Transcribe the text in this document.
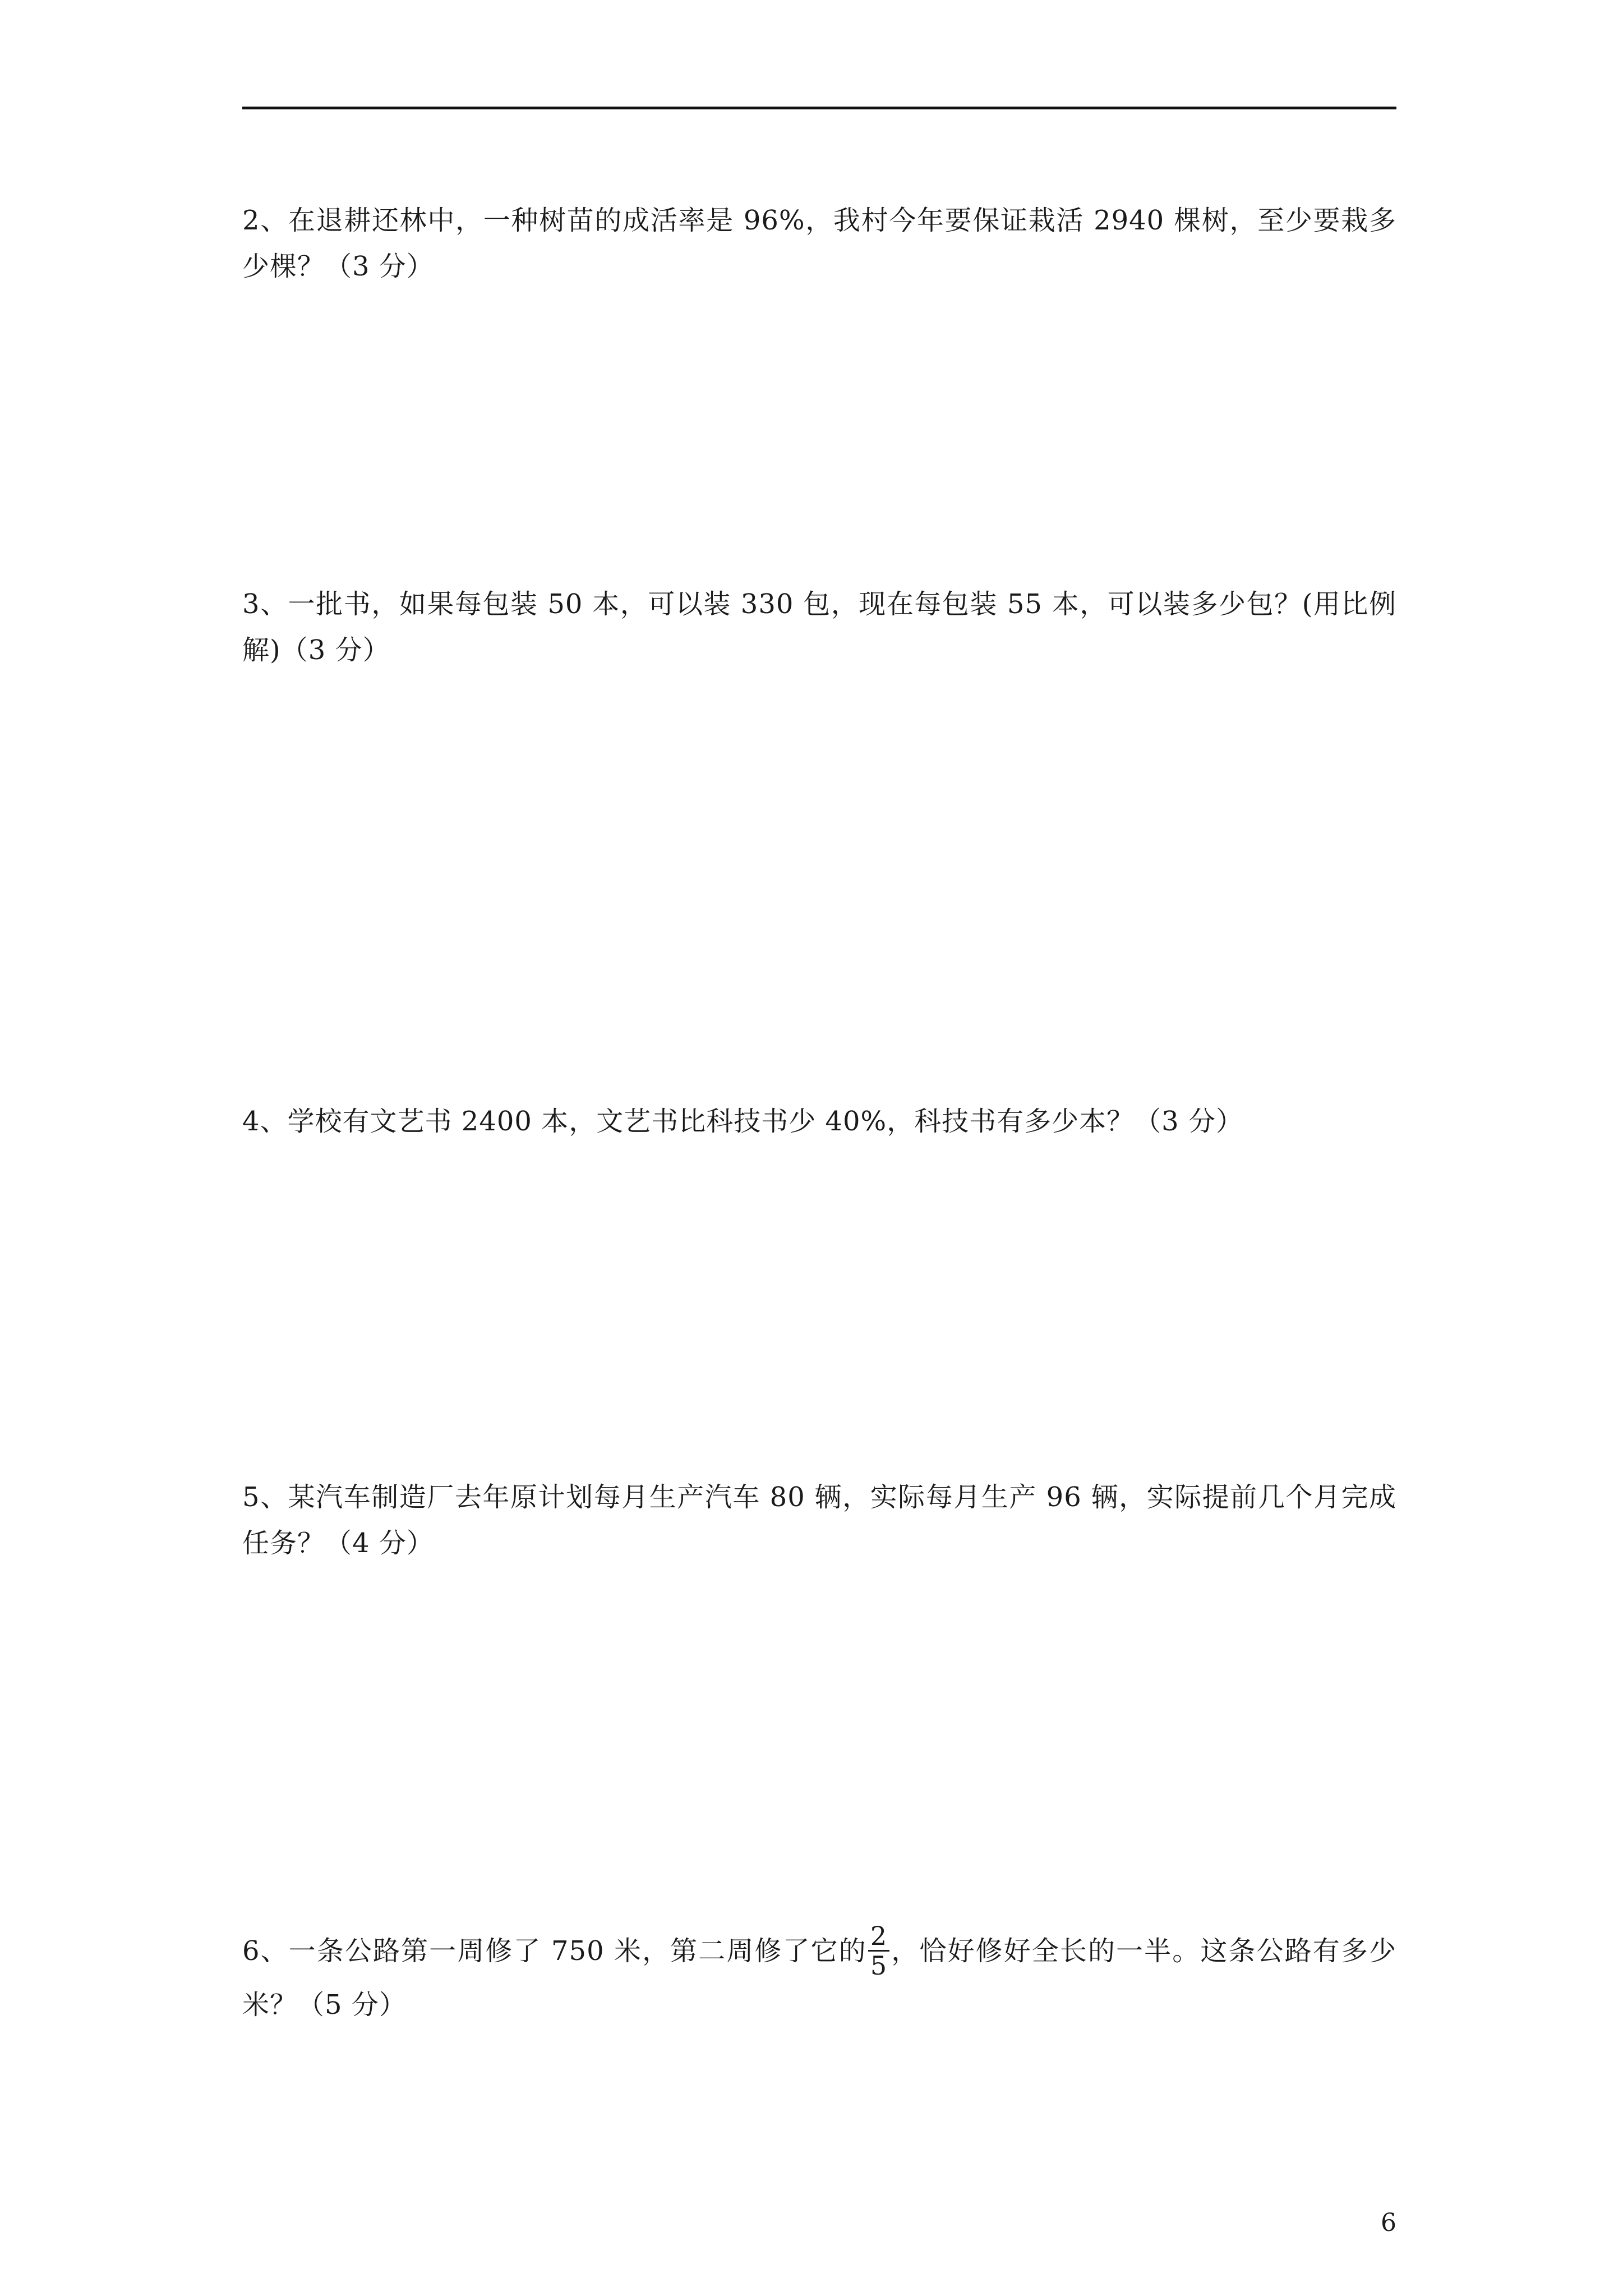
2、在退耕还林中，一种树苗的成活率是 96%，我村今年要保证栽活 2940 棵树，至少要栽多少棵？（3 分）
3、一批书，如果每包装 50 本，可以装 330 包，现在每包装 55 本，可以装多少包？(用比例解)（3 分）
4、学校有文艺书 2400 本，文艺书比科技书少 40%，科技书有多少本？（3 分）
5、某汽车制造厂去年原计划每月生产汽车 80 辆，实际每月生产 96 辆，实际提前几个月完成任务？（4 分）
6、一条公路第一周修了 750 米，第二周修了它的 $\frac{2}{5}$ ，恰好修好全长的一半。这条公路有多少米？（5 分）
6
